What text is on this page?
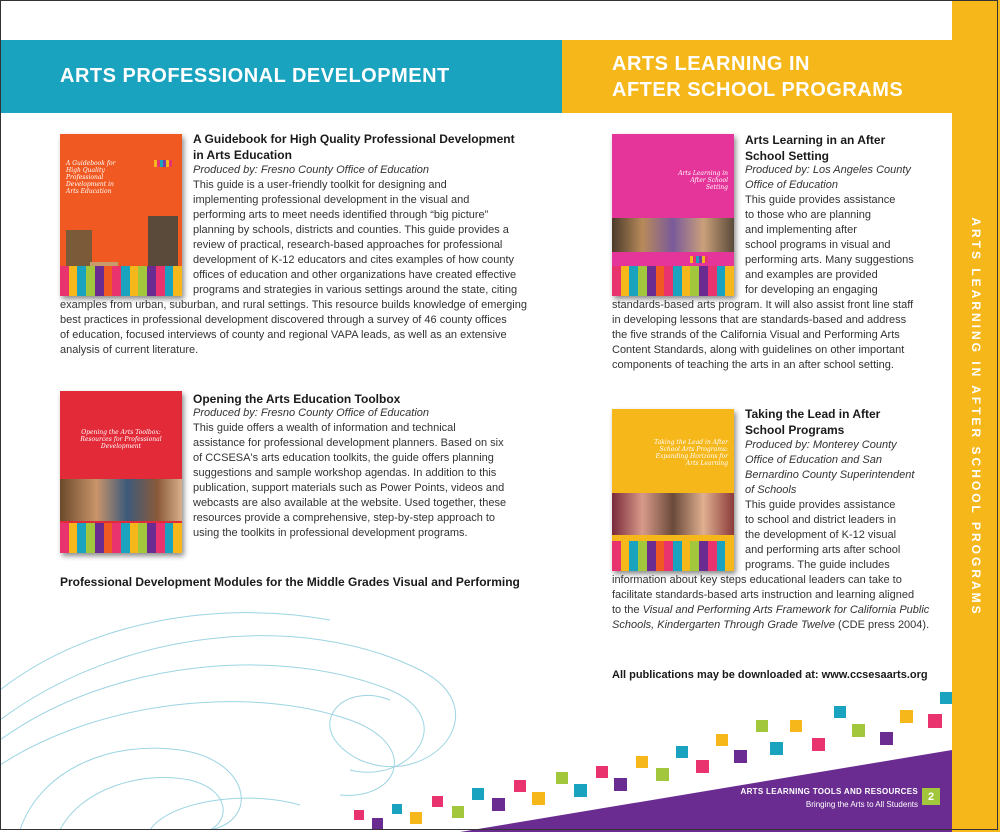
ARTS LEARNING IN AFTER SCHOOL PROGRAMS
ARTS PROFESSIONAL DEVELOPMENT
ARTS LEARNING IN
AFTER SCHOOL PROGRAMS

ARTS LEARNING TOOLS AND RESOURCES

Bringing the Arts to All Students

2
A Guidebook for High Quality Professional Development in Arts Education
A Guidebook for High Quality Professional Development
in Arts Education
Produced by: Fresno County Office of Education

This guide is a user-friendly toolkit for designing and

implementing professional development in the visual and

performing arts to meet needs identified through “big picture”

planning by schools, districts and counties. This guide provides a

review of practical, research-based approaches for professional

development of K-12 educators and cites examples of how county

offices of education and other organizations have created effective

programs and strategies in various settings around the state, citing

examples from urban, suburban, and rural settings. This resource builds knowledge of emerging

best practices in professional development discovered through a survey of 46 county offices

of education, focused interviews of county and regional VAPA leads, as well as an extensive

analysis of current literature.

Opening the Arts Toolbox: Resources for Professional Development
Opening the Arts Education Toolbox
Produced by: Fresno County Office of Education

This guide offers a wealth of information and technical

assistance for professional development planners. Based on six

of CCSESA's arts education toolkits, the guide offers planning

suggestions and sample workshop agendas. In addition to this

publication, support materials such as Power Points, videos and

webcasts are also available at the website. Used together, these

resources provide a comprehensive, step-by-step approach to

using the toolkits in professional development programs.

Professional Development Modules for the Middle Grades Visual and Performing

Arts Learning in After School Setting
Arts Learning in an After
School Setting
Produced by: Los Angeles County
Office of Education

This guide provides assistance

to those who are planning

and implementing after

school programs in visual and

performing arts. Many suggestions

and examples are provided

for developing an engaging

standards-based arts program. It will also assist front line staff

in developing lessons that are standards-based and address

the five strands of the California Visual and Performing Arts

Content Standards, along with guidelines on other important

components of teaching the arts in an after school setting.

Taking the Lead in After School Arts Programs: Expanding Horizons for Arts Learning
Taking the Lead in After
School Programs
Produced by: Monterey County
Office of Education and San
Bernardino County Superintendent
of Schools

This guide provides assistance

to school and district leaders in

the development of K-12 visual

and performing arts after school

programs. The guide includes

information about key steps educational leaders can take to

facilitate standards-based arts instruction and learning aligned

to the Visual and Performing Arts Framework for California Public

Schools, Kindergarten Through Grade Twelve (CDE press 2004).

All publications may be downloaded at: www.ccsesaarts.org
